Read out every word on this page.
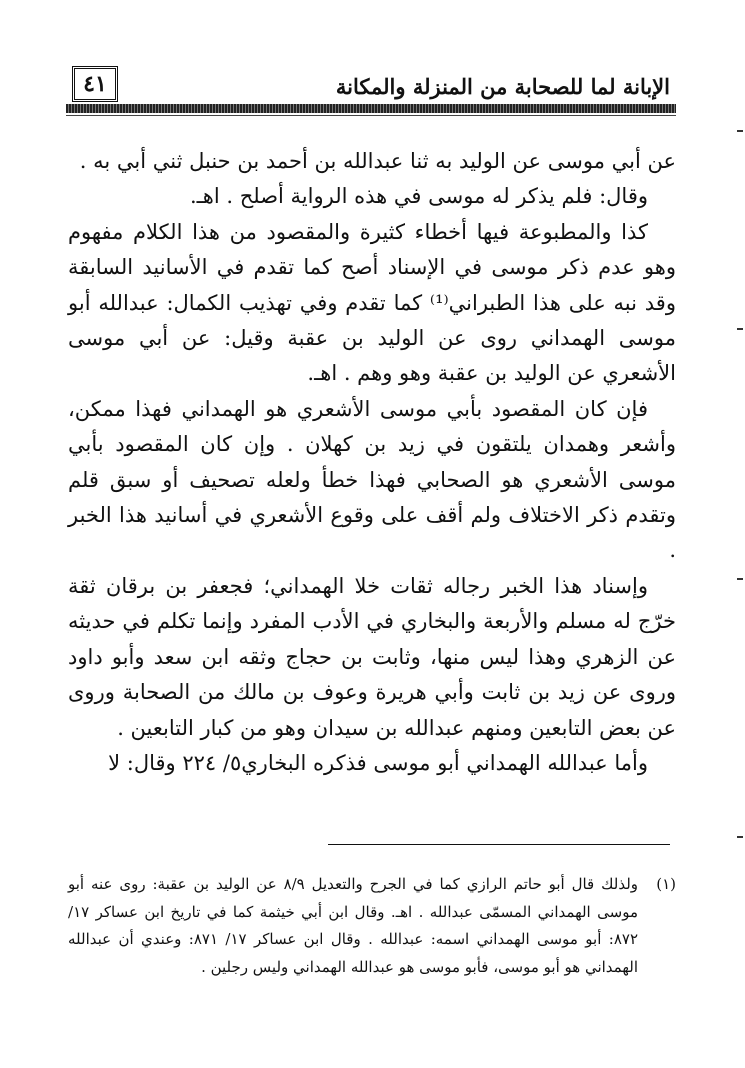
٤١	الإبانة لما للصحابة من المنزلة والمكانة

عن أبي موسى عن الوليد به ثنا عبدالله بن أحمد بن حنبل ثني أبي به .

وقال: فلم يذكر له موسى في هذه الرواية أصلح . اهـ.

كذا والمطبوعة فيها أخطاء كثيرة والمقصود من هذا الكلام مفهوم وهو عدم ذكر موسى في الإسناد أصح كما تقدم في الأسانيد السابقة وقد نبه على هذا الطبراني⁽¹⁾ كما تقدم وفي تهذيب الكمال: عبدالله أبو موسى الهمداني روى عن الوليد بن عقبة وقيل: عن أبي موسى الأشعري عن الوليد بن عقبة وهو وهم . اهـ.

فإن كان المقصود بأبي موسى الأشعري هو الهمداني فهذا ممكن، وأشعر وهمدان يلتقون في زيد بن كهلان . وإن كان المقصود بأبي موسى الأشعري هو الصحابي فهذا خطأ ولعله تصحيف أو سبق قلم وتقدم ذكر الاختلاف ولم أقف على وقوع الأشعري في أسانيد هذا الخبر .

وإسناد هذا الخبر رجاله ثقات خلا الهمداني؛ فجعفر بن برقان ثقة خرّج له مسلم والأربعة والبخاري في الأدب المفرد وإنما تكلم في حديثه عن الزهري وهذا ليس منها، وثابت بن حجاج وثقه ابن سعد وأبو داود وروى عن زيد بن ثابت وأبي هريرة وعوف بن مالك من الصحابة وروى عن بعض التابعين ومنهم عبدالله بن سيدان وهو من كبار التابعين .

وأما عبدالله الهمداني أبو موسى فذكره البخاري٥/ ٢٢٤ وقال: لا

(١)
ولذلك قال أبو حاتم الرازي كما في الجرح والتعديل ٨/٩ عن الوليد بن عقبة: روى عنه أبو موسى الهمداني المسمّى عبدالله . اهـ. وقال ابن أبي خيثمة كما في تاريخ ابن عساكر ١٧/ ٨٧٢: أبو موسى الهمداني اسمه: عبدالله . وقال ابن عساكر ١٧/ ٨٧١: وعندي أن عبدالله الهمداني هو أبو موسى، فأبو موسى هو عبدالله الهمداني وليس رجلين .
